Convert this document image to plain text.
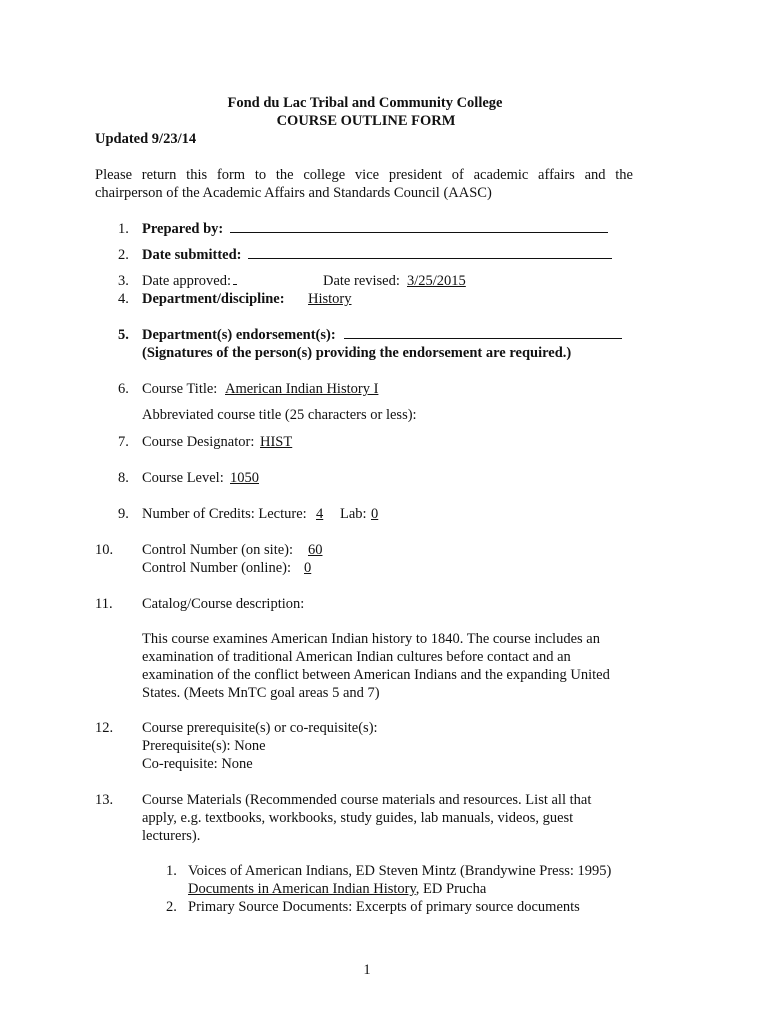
Fond du Lac Tribal and Community College
COURSE OUTLINE FORM
Updated 9/23/14
Please return this form to the college vice president of academic affairs and the
chairperson of the Academic Affairs and Standards Council (AASC)
1. Prepared by:
2. Date submitted:
3. Date approved:	Date revised: 3/25/2015
4. Department/discipline: History
5. Department(s) endorsement(s):
(Signatures of the person(s) providing the endorsement are required.)
6. Course Title: American Indian History I
Abbreviated course title (25 characters or less):
7. Course Designator: HIST
8. Course Level: 1050
9. Number of Credits: Lecture: 4	Lab: 0
10. Control Number (on site): 60
Control Number (online): 0
11. Catalog/Course description:
This course examines American Indian history to 1840. The course includes an
examination of traditional American Indian cultures before contact and an
examination of the conflict between American Indians and the expanding United
States. (Meets MnTC goal areas 5 and 7)
12. Course prerequisite(s) or co-requisite(s):
Prerequisite(s): None
Co-requisite: None
13. Course Materials (Recommended course materials and resources. List all that
apply, e.g. textbooks, workbooks, study guides, lab manuals, videos, guest
lecturers).
1. Voices of American Indians, ED Steven Mintz (Brandywine Press: 1995)
Documents in American Indian History, ED Prucha
2. Primary Source Documents: Excerpts of primary source documents
1
